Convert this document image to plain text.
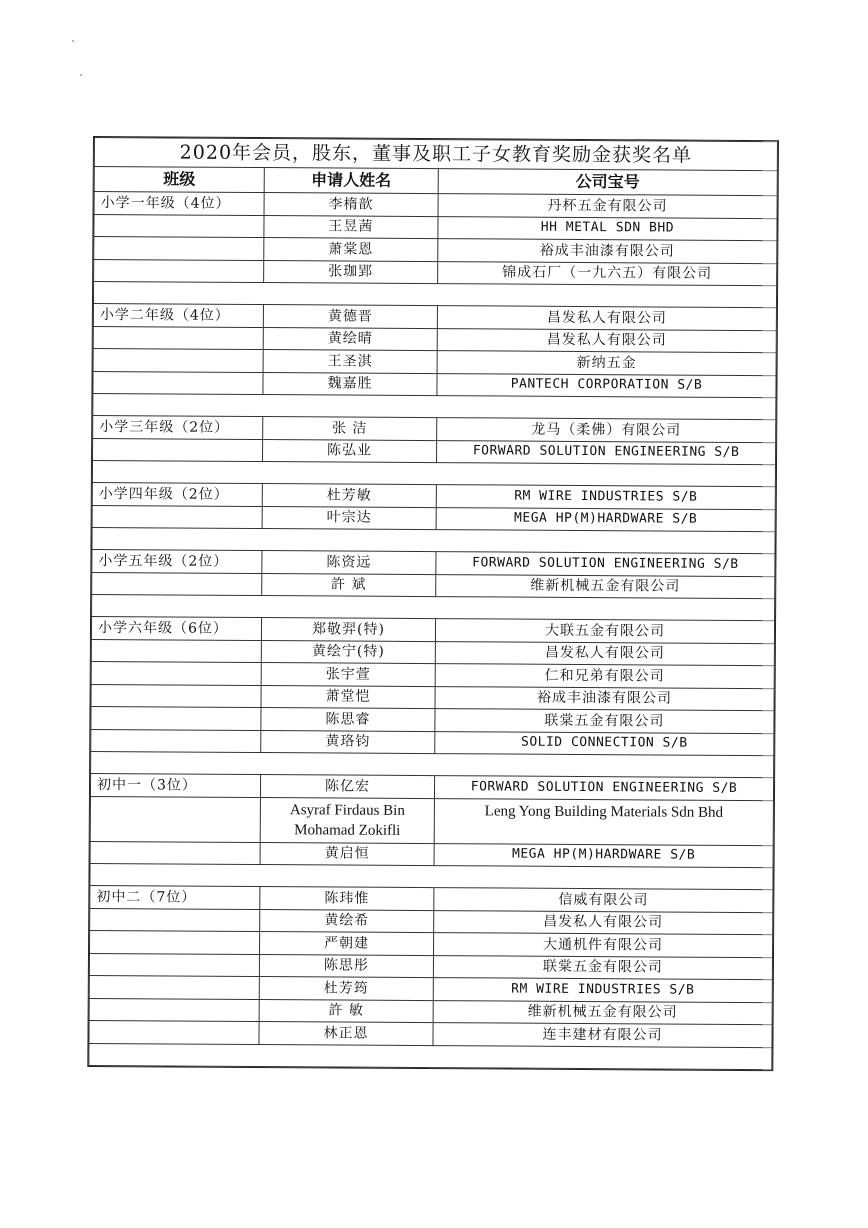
2020年会员，股东，董事及职工子女教育奖励金获奖名单		
班级	申请人姓名	公司宝号
小学一年级（4位）	李楕歆	丹杯五金有限公司
	王昱茜	HH METAL SDN BHD
	萧棠恩	裕成丰油漆有限公司
	张珈郢	锦成石厂（一九六五）有限公司

小学二年级（4位）	黄德晋	昌发私人有限公司
	黄绘晴	昌发私人有限公司
	王圣淇	新纳五金
	魏嘉胜	PANTECH CORPORATION S/B

小学三年级（2位）	张 洁	龙马（柔佛）有限公司
	陈弘业	FORWARD SOLUTION ENGINEERING S/B

小学四年级（2位）	杜芳敏	RM WIRE INDUSTRIES S/B
	叶宗达	MEGA HP(M)HARDWARE S/B

小学五年级（2位）	陈资远	FORWARD SOLUTION ENGINEERING S/B
	許 斌	维新机械五金有限公司

小学六年级（6位）	郑敬羿(特)	大联五金有限公司
	黄绘宁(特)	昌发私人有限公司
	张宇萱	仁和兄弟有限公司
	萧堂恺	裕成丰油漆有限公司
	陈思睿	联棠五金有限公司
	黄珞钧	SOLID CONNECTION S/B

初中一（3位）	陈亿宏	FORWARD SOLUTION ENGINEERING S/B
	Asyraf Firdaus Bin Mohamad Zokifli	Leng Yong Building Materials Sdn Bhd
	黄启恒	MEGA HP(M)HARDWARE S/B

初中二（7位）	陈玮惟	信威有限公司
	黄绘希	昌发私人有限公司
	严朝建	大通机件有限公司
	陈思彤	联棠五金有限公司
	杜芳筠	RM WIRE INDUSTRIES S/B
	許 敏	维新机械五金有限公司
	林正恩	连丰建材有限公司
